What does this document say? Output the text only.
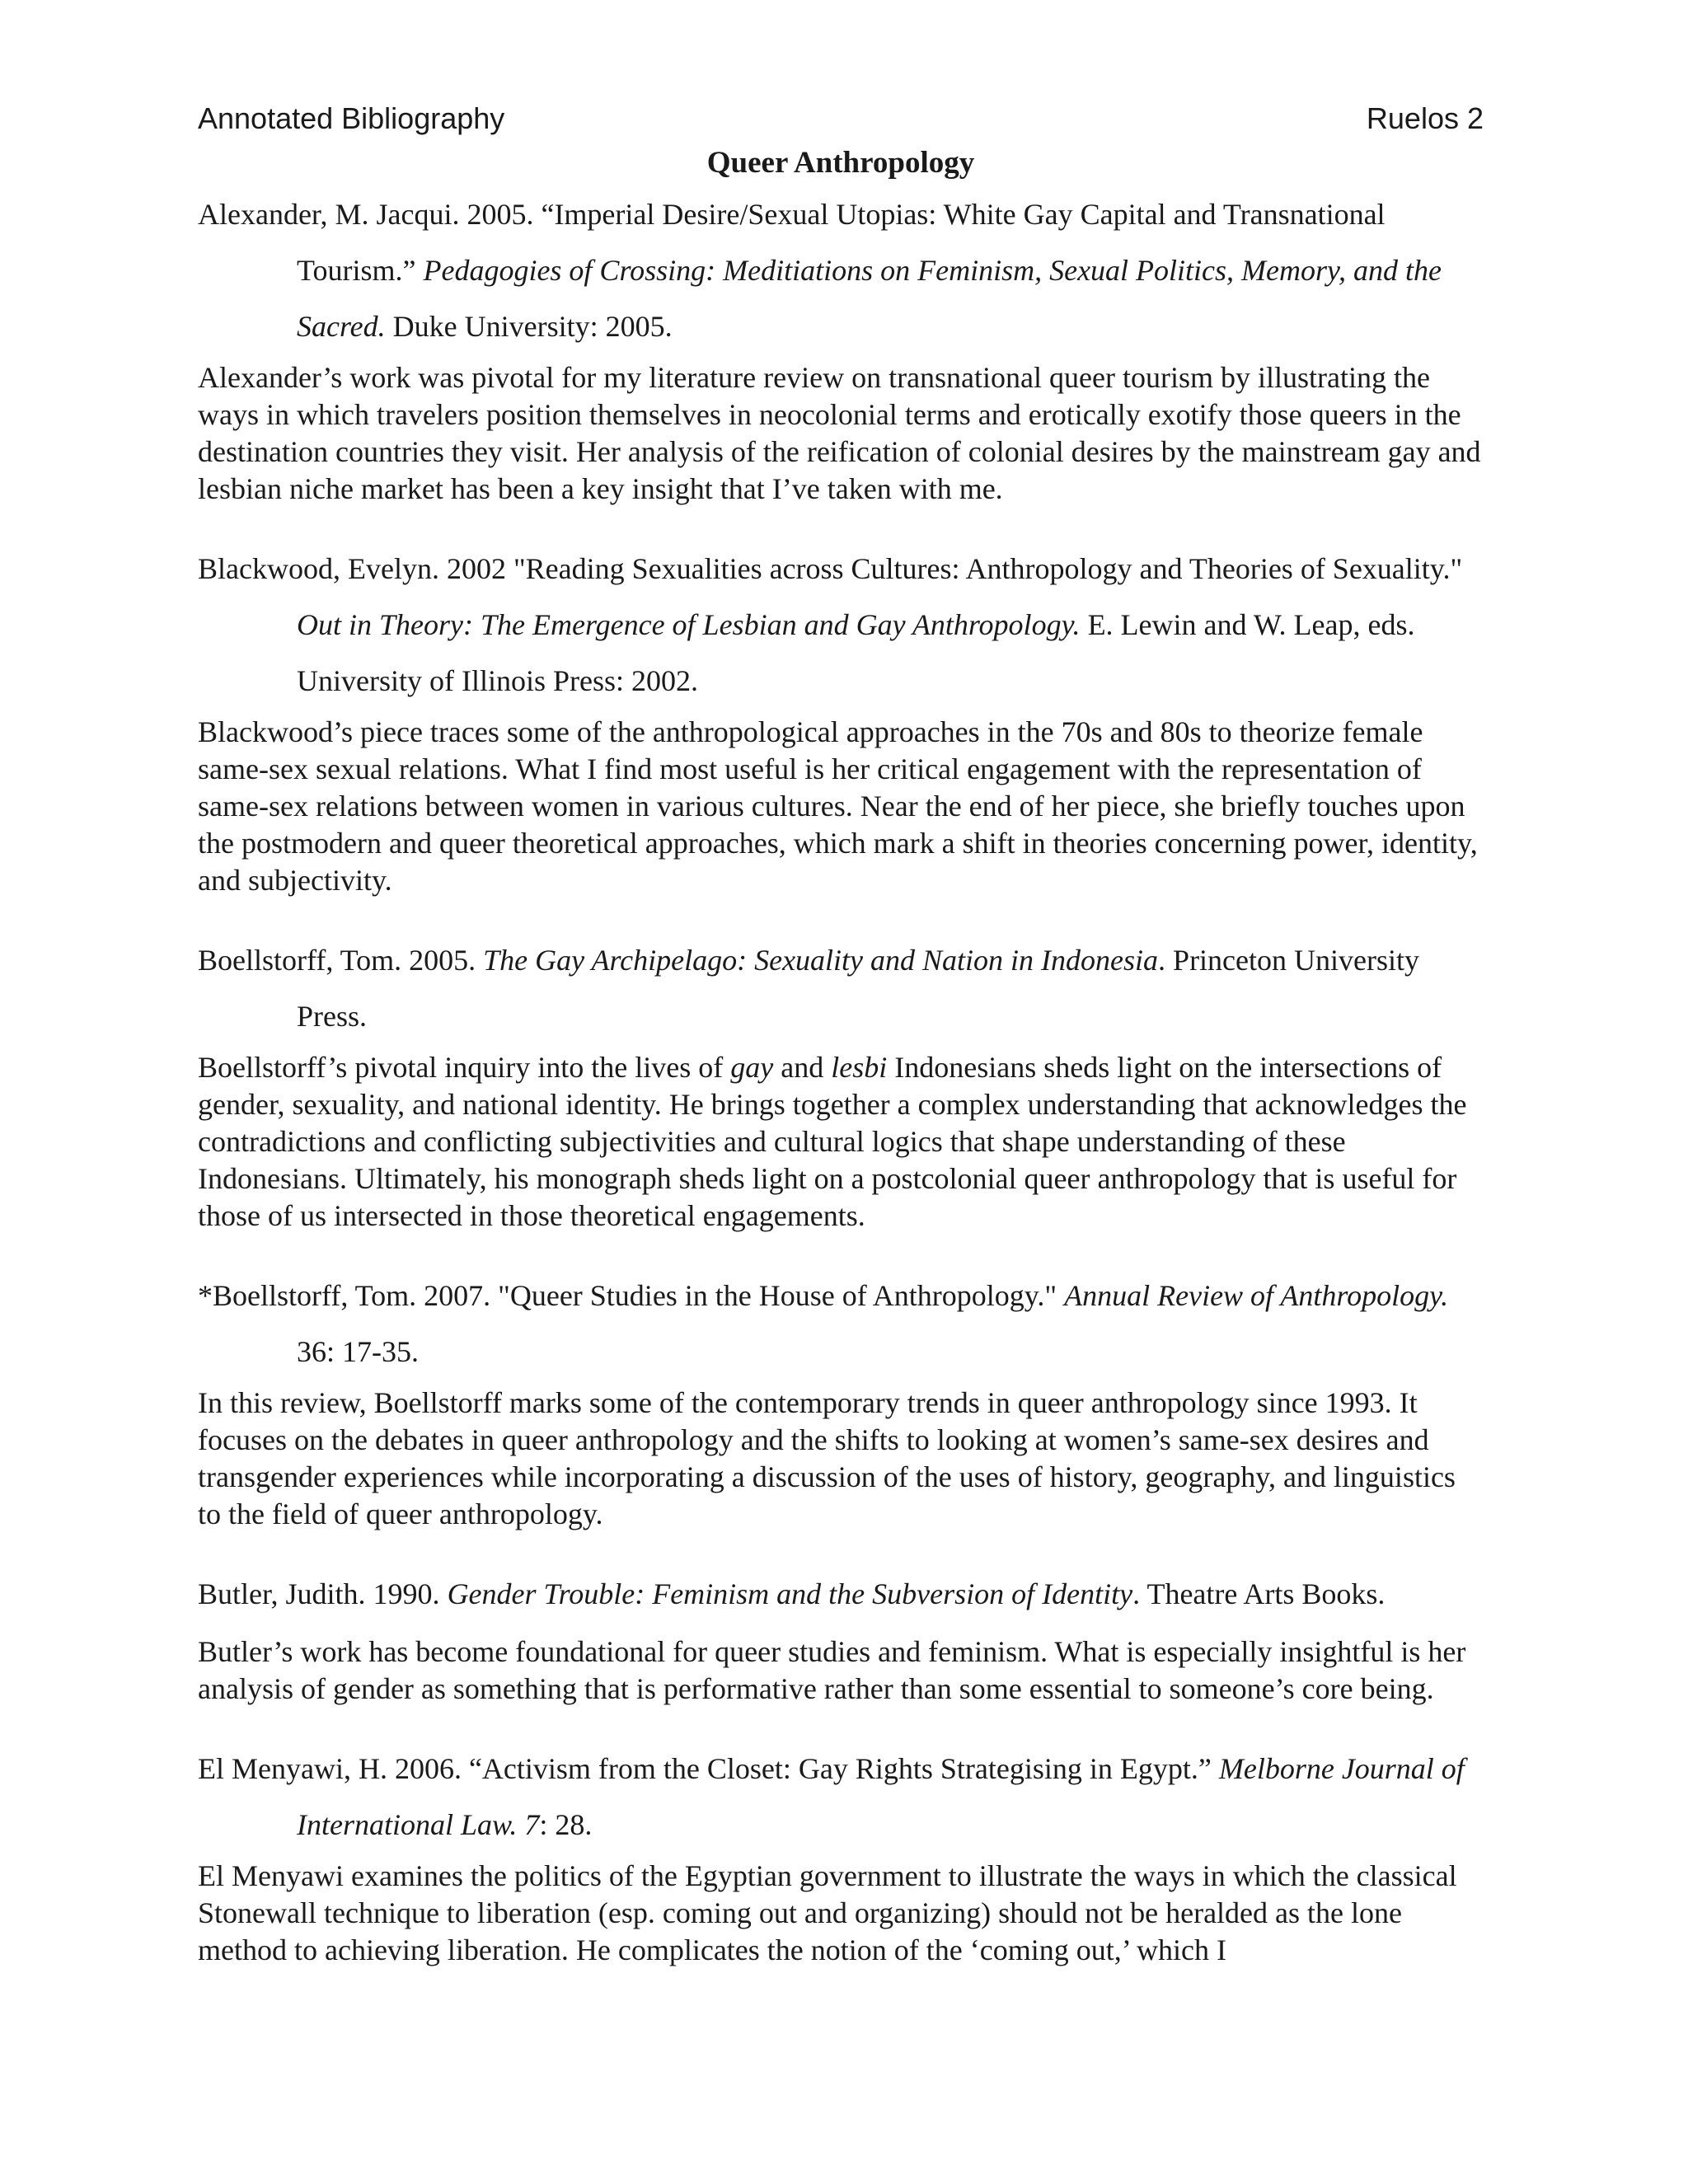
Annotated Bibliography	Ruelos 2
Queer Anthropology

Alexander, M. Jacqui. 2005. “Imperial Desire/Sexual Utopias: White Gay Capital and Transnational Tourism.” Pedagogies of Crossing: Meditiations on Feminism, Sexual Politics, Memory, and the Sacred. Duke University: 2005.

Alexander’s work was pivotal for my literature review on transnational queer tourism by illustrating the ways in which travelers position themselves in neocolonial terms and erotically exotify those queers in the destination countries they visit. Her analysis of the reification of colonial desires by the mainstream gay and lesbian niche market has been a key insight that I’ve taken with me.

Blackwood, Evelyn. 2002 "Reading Sexualities across Cultures: Anthropology and Theories of Sexuality." Out in Theory: The Emergence of Lesbian and Gay Anthropology. E. Lewin and W. Leap, eds. University of Illinois Press: 2002.

Blackwood’s piece traces some of the anthropological approaches in the 70s and 80s to theorize female same-sex sexual relations. What I find most useful is her critical engagement with the representation of same-sex relations between women in various cultures. Near the end of her piece, she briefly touches upon the postmodern and queer theoretical approaches, which mark a shift in theories concerning power, identity, and subjectivity.

Boellstorff, Tom. 2005. The Gay Archipelago: Sexuality and Nation in Indonesia. Princeton University Press.

Boellstorff’s pivotal inquiry into the lives of gay and lesbi Indonesians sheds light on the intersections of gender, sexuality, and national identity. He brings together a complex understanding that acknowledges the contradictions and conflicting subjectivities and cultural logics that shape understanding of these Indonesians. Ultimately, his monograph sheds light on a postcolonial queer anthropology that is useful for those of us intersected in those theoretical engagements.

*Boellstorff, Tom. 2007. "Queer Studies in the House of Anthropology." Annual Review of Anthropology. 36: 17-35.

In this review, Boellstorff marks some of the contemporary trends in queer anthropology since 1993. It focuses on the debates in queer anthropology and the shifts to looking at women’s same-sex desires and transgender experiences while incorporating a discussion of the uses of history, geography, and linguistics to the field of queer anthropology.

Butler, Judith. 1990. Gender Trouble: Feminism and the Subversion of Identity. Theatre Arts Books.

Butler’s work has become foundational for queer studies and feminism. What is especially insightful is her analysis of gender as something that is performative rather than some essential to someone’s core being.

El Menyawi, H. 2006. “Activism from the Closet: Gay Rights Strategising in Egypt.” Melborne Journal of International Law. 7: 28.

El Menyawi examines the politics of the Egyptian government to illustrate the ways in which the classical Stonewall technique to liberation (esp. coming out and organizing) should not be heralded as the lone method to achieving liberation. He complicates the notion of the ‘coming out,’ which I
